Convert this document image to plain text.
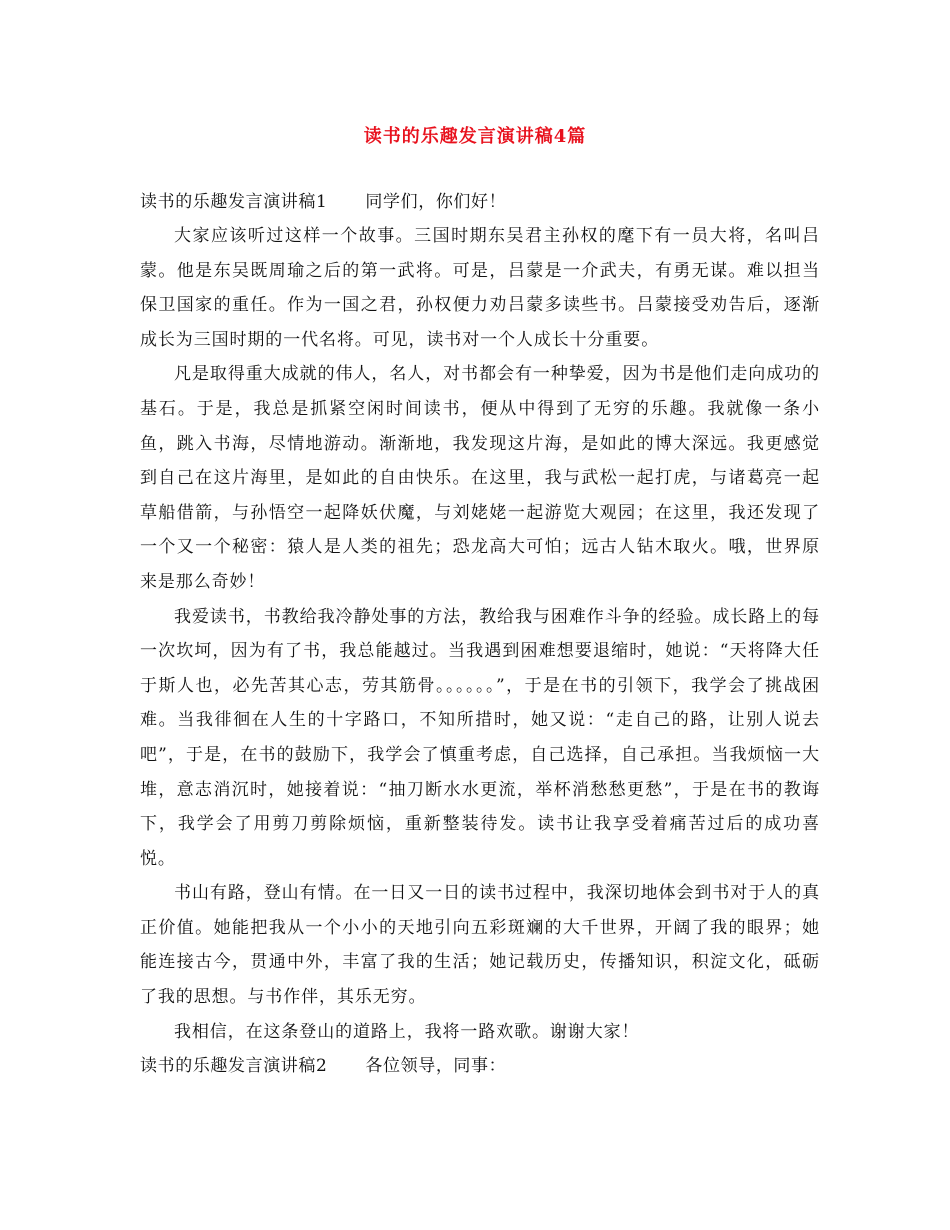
读书的乐趣发言演讲稿4篇
读书的乐趣发言演讲稿1 同学们，你们好！

大家应该听过这样一个故事。三国时期东吴君主孙权的麾下有一员大将，名叫吕蒙。他是东吴既周瑜之后的第一武将。可是，吕蒙是一介武夫，有勇无谋。难以担当保卫国家的重任。作为一国之君，孙权便力劝吕蒙多读些书。吕蒙接受劝告后，逐渐成长为三国时期的一代名将。可见，读书对一个人成长十分重要。

凡是取得重大成就的伟人，名人，对书都会有一种挚爱，因为书是他们走向成功的基石。于是，我总是抓紧空闲时间读书，便从中得到了无穷的乐趣。我就像一条小鱼，跳入书海，尽情地游动。渐渐地，我发现这片海，是如此的博大深远。我更感觉到自己在这片海里，是如此的自由快乐。在这里，我与武松一起打虎，与诸葛亮一起草船借箭，与孙悟空一起降妖伏魔，与刘姥姥一起游览大观园；在这里，我还发现了一个又一个秘密：猿人是人类的祖先；恐龙高大可怕；远古人钻木取火。哦，世界原来是那么奇妙！

我爱读书，书教给我冷静处事的方法，教给我与困难作斗争的经验。成长路上的每一次坎坷，因为有了书，我总能越过。当我遇到困难想要退缩时，她说：“天将降大任于斯人也，必先苦其心志，劳其筋骨。。。。。。”，于是在书的引领下，我学会了挑战困难。当我徘徊在人生的十字路口，不知所措时，她又说：“走自己的路，让别人说去吧”，于是，在书的鼓励下，我学会了慎重考虑，自己选择，自己承担。当我烦恼一大堆，意志消沉时，她接着说：“抽刀断水水更流，举杯消愁愁更愁”，于是在书的教诲下，我学会了用剪刀剪除烦恼，重新整装待发。读书让我享受着痛苦过后的成功喜悦。

书山有路，登山有情。在一日又一日的读书过程中，我深切地体会到书对于人的真正价值。她能把我从一个小小的天地引向五彩斑斓的大千世界，开阔了我的眼界；她能连接古今，贯通中外，丰富了我的生活；她记载历史，传播知识，积淀文化，砥砺了我的思想。与书作伴，其乐无穷。

我相信，在这条登山的道路上，我将一路欢歌。谢谢大家！

读书的乐趣发言演讲稿2 各位领导，同事：
